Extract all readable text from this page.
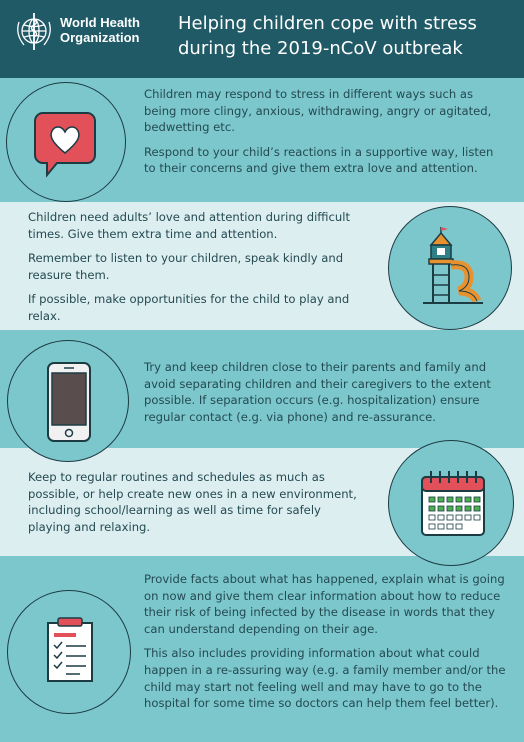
World Health
Organization
Helping children cope with stress
during the 2019-nCoV outbreak

Children may respond to stress in different ways such as being more clingy, anxious, withdrawing, angry or agitated, bedwetting etc.

Respond to your child’s reactions in a supportive way, listen to their concerns and give them extra love and attention.

Children need adults’ love and attention during difficult times. Give them extra time and attention.

Remember to listen to your children, speak kindly and reasure them.

If possible, make opportunities for the child to play and relax.

Try and keep children close to their parents and family and avoid separating children and their caregivers to the extent possible. If separation occurs (e.g. hospitalization) ensure regular contact (e.g. via phone) and re-assurance.

Keep to regular routines and schedules as much as possible, or help create new ones in a new environment, including school/learning as well as time for safely playing and relaxing.

Provide facts about what has happened, explain what is going on now and give them clear information about how to reduce their risk of being infected by the disease in words that they can understand depending on their age.

This also includes providing information about what could happen in a re-assuring way (e.g. a family member and/or the child may start not feeling well and may have to go to the hospital for some time so doctors can help them feel better).
